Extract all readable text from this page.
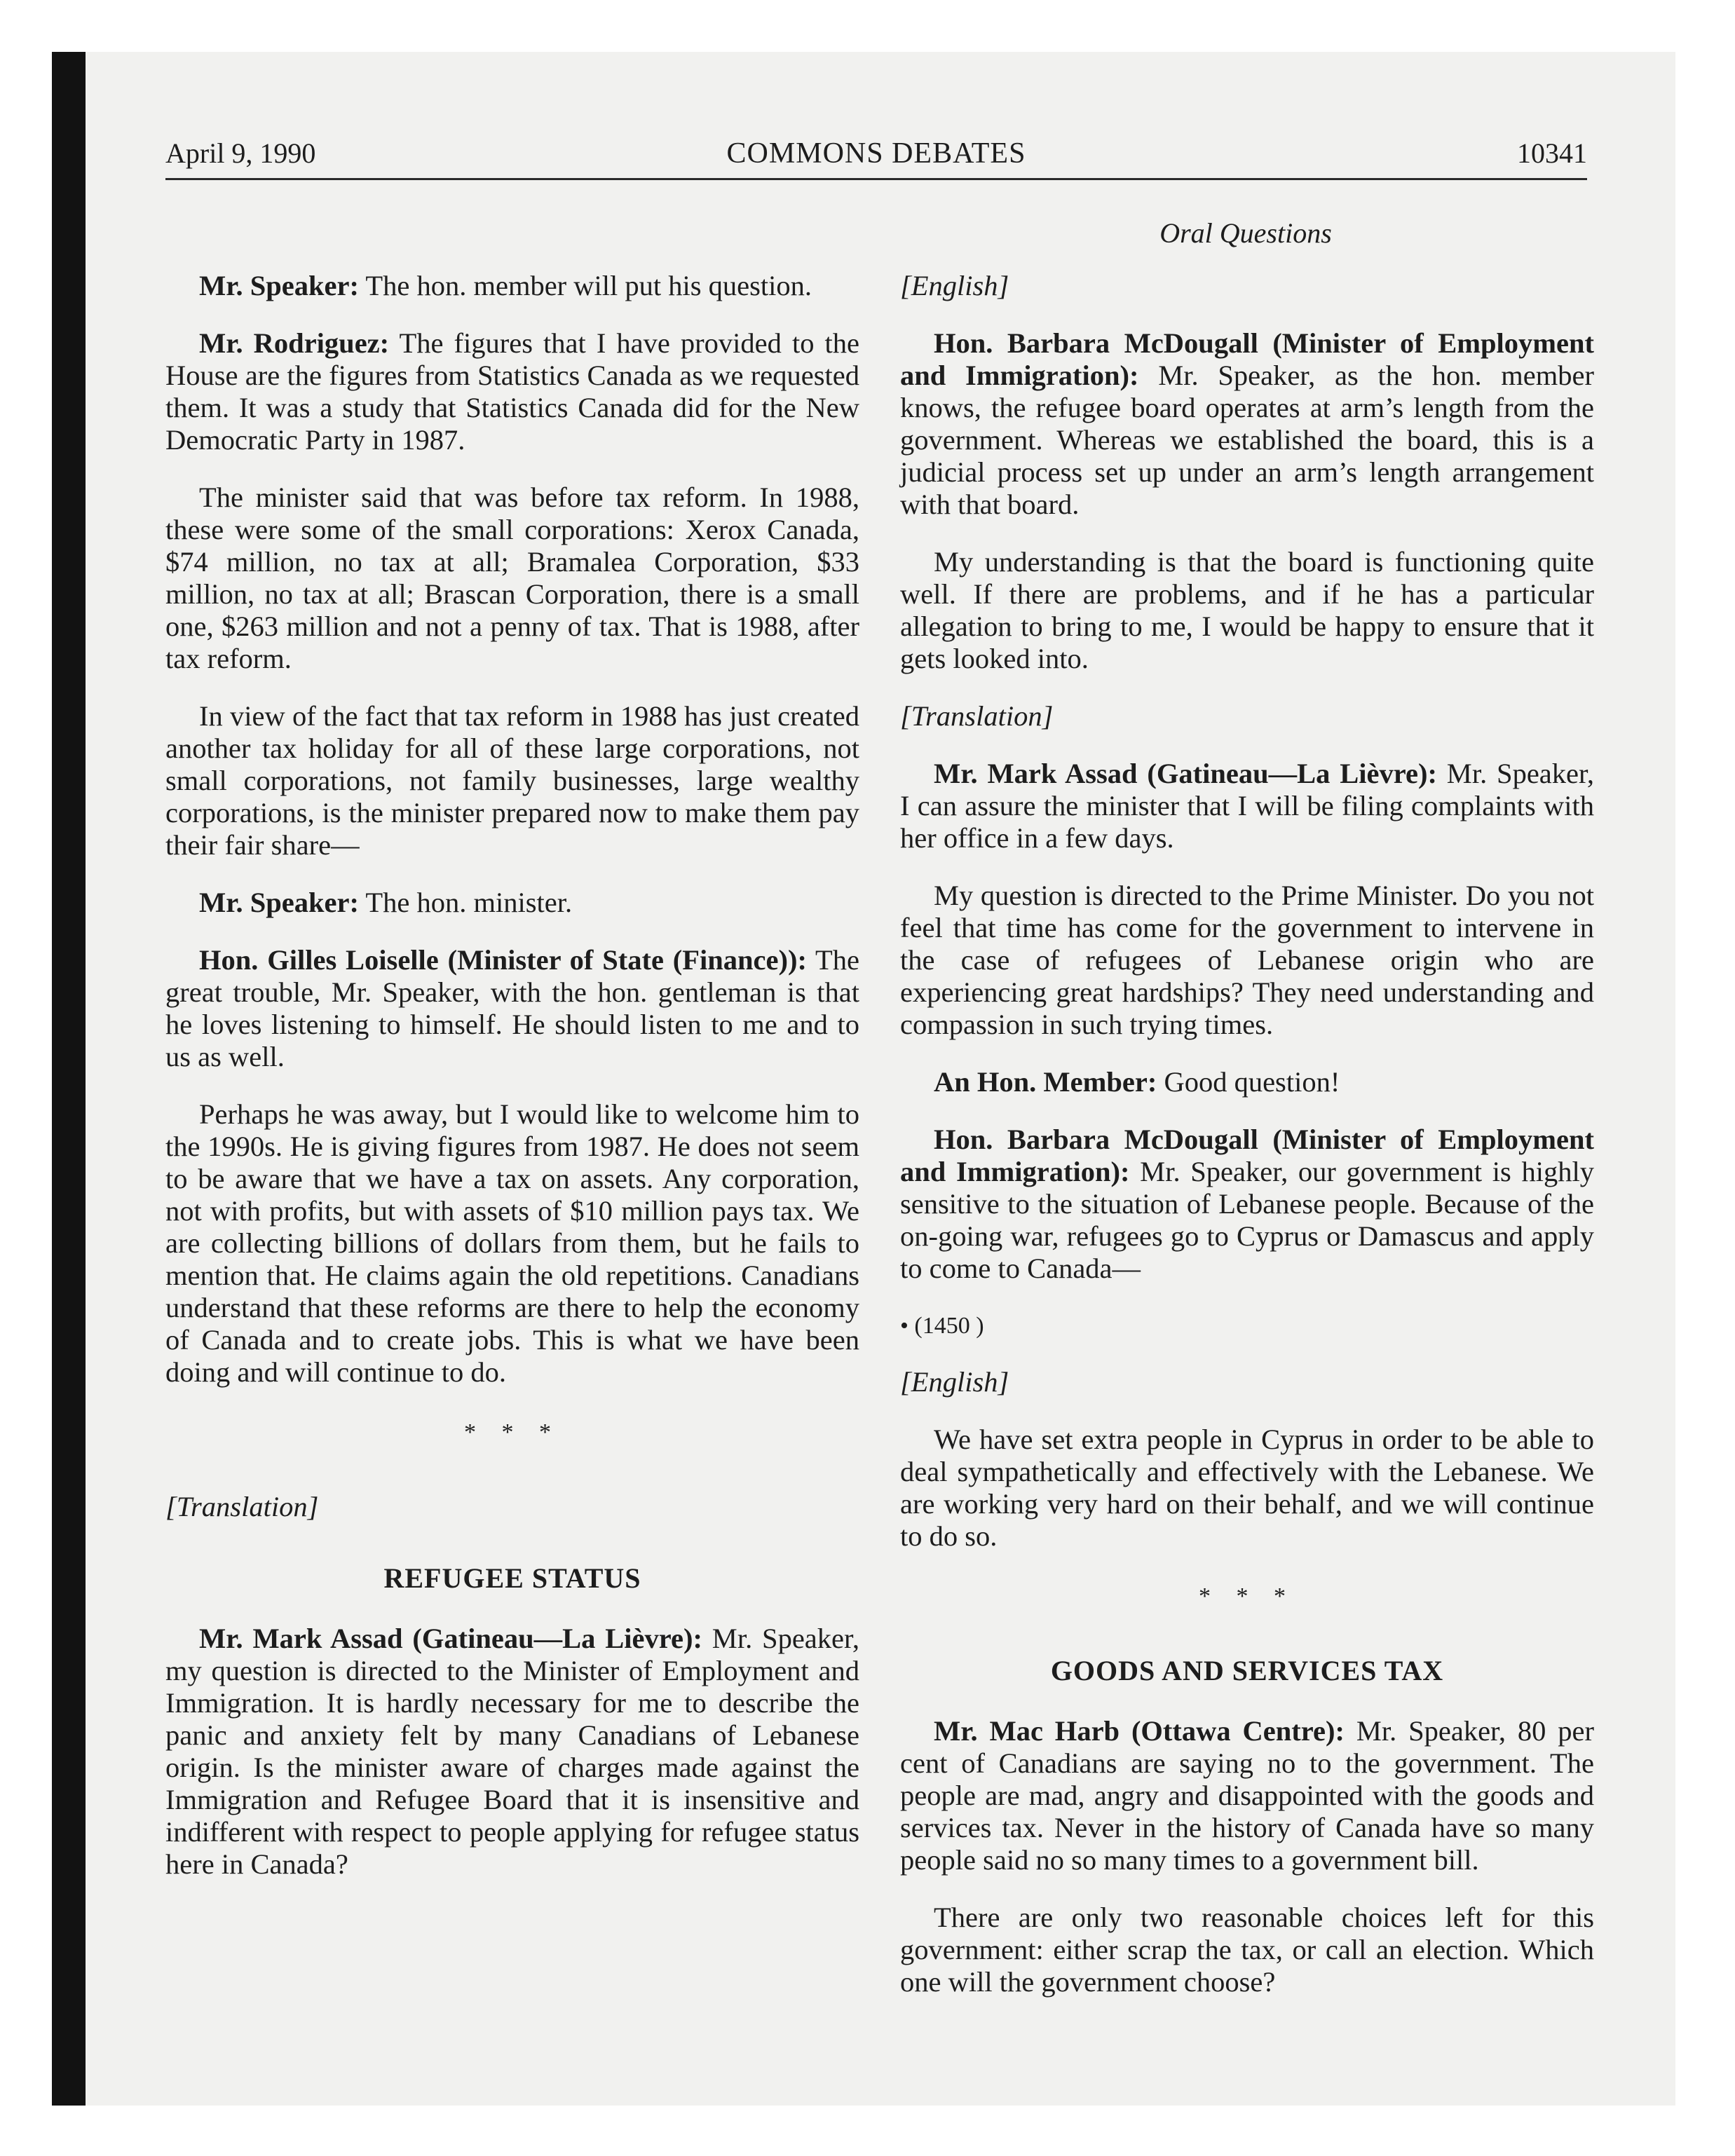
April 9, 1990	COMMONS DEBATES	10341
Oral Questions

Mr. Speaker: The hon. member will put his question.

Mr. Rodriguez: The figures that I have provided to the House are the figures from Statistics Canada as we requested them. It was a study that Statistics Canada did for the New Democratic Party in 1987.

The minister said that was before tax reform. In 1988, these were some of the small corporations: Xerox Canada, $74 million, no tax at all; Bramalea Corporation, $33 million, no tax at all; Brascan Corporation, there is a small one, $263 million and not a penny of tax. That is 1988, after tax reform.

In view of the fact that tax reform in 1988 has just created another tax holiday for all of these large corporations, not small corporations, not family businesses, large wealthy corporations, is the minister prepared now to make them pay their fair share—

Mr. Speaker: The hon. minister.

Hon. Gilles Loiselle (Minister of State (Finance)): The great trouble, Mr. Speaker, with the hon. gentleman is that he loves listening to himself. He should listen to me and to us as well.

Perhaps he was away, but I would like to welcome him to the 1990s. He is giving figures from 1987. He does not seem to be aware that we have a tax on assets. Any corporation, not with profits, but with assets of $10 million pays tax. We are collecting billions of dollars from them, but he fails to mention that. He claims again the old repetitions. Canadians understand that these reforms are there to help the economy of Canada and to create jobs. This is what we have been doing and will continue to do.

* * *

[Translation]

REFUGEE STATUS

Mr. Mark Assad (Gatineau—La Lièvre): Mr. Speaker, my question is directed to the Minister of Employment and Immigration. It is hardly necessary for me to describe the panic and anxiety felt by many Canadians of Lebanese origin. Is the minister aware of charges made against the Immigration and Refugee Board that it is insensitive and indifferent with respect to people applying for refugee status here in Canada?

[English]

Hon. Barbara McDougall (Minister of Employment and Immigration): Mr. Speaker, as the hon. member knows, the refugee board operates at arm’s length from the government. Whereas we established the board, this is a judicial process set up under an arm’s length arrangement with that board.

My understanding is that the board is functioning quite well. If there are problems, and if he has a particular allegation to bring to me, I would be happy to ensure that it gets looked into.

[Translation]

Mr. Mark Assad (Gatineau—La Lièvre): Mr. Speaker, I can assure the minister that I will be filing complaints with her office in a few days.

My question is directed to the Prime Minister. Do you not feel that time has come for the government to intervene in the case of refugees of Lebanese origin who are experiencing great hardships? They need understanding and compassion in such trying times.

An Hon. Member: Good question!

Hon. Barbara McDougall (Minister of Employment and Immigration): Mr. Speaker, our government is highly sensitive to the situation of Lebanese people. Because of the on-going war, refugees go to Cyprus or Damascus and apply to come to Canada—

• (1450 )

[English]

We have set extra people in Cyprus in order to be able to deal sympathetically and effectively with the Lebanese. We are working very hard on their behalf, and we will continue to do so.

* * *

GOODS AND SERVICES TAX

Mr. Mac Harb (Ottawa Centre): Mr. Speaker, 80 per cent of Canadians are saying no to the government. The people are mad, angry and disappointed with the goods and services tax. Never in the history of Canada have so many people said no so many times to a government bill.

There are only two reasonable choices left for this government: either scrap the tax, or call an election. Which one will the government choose?
